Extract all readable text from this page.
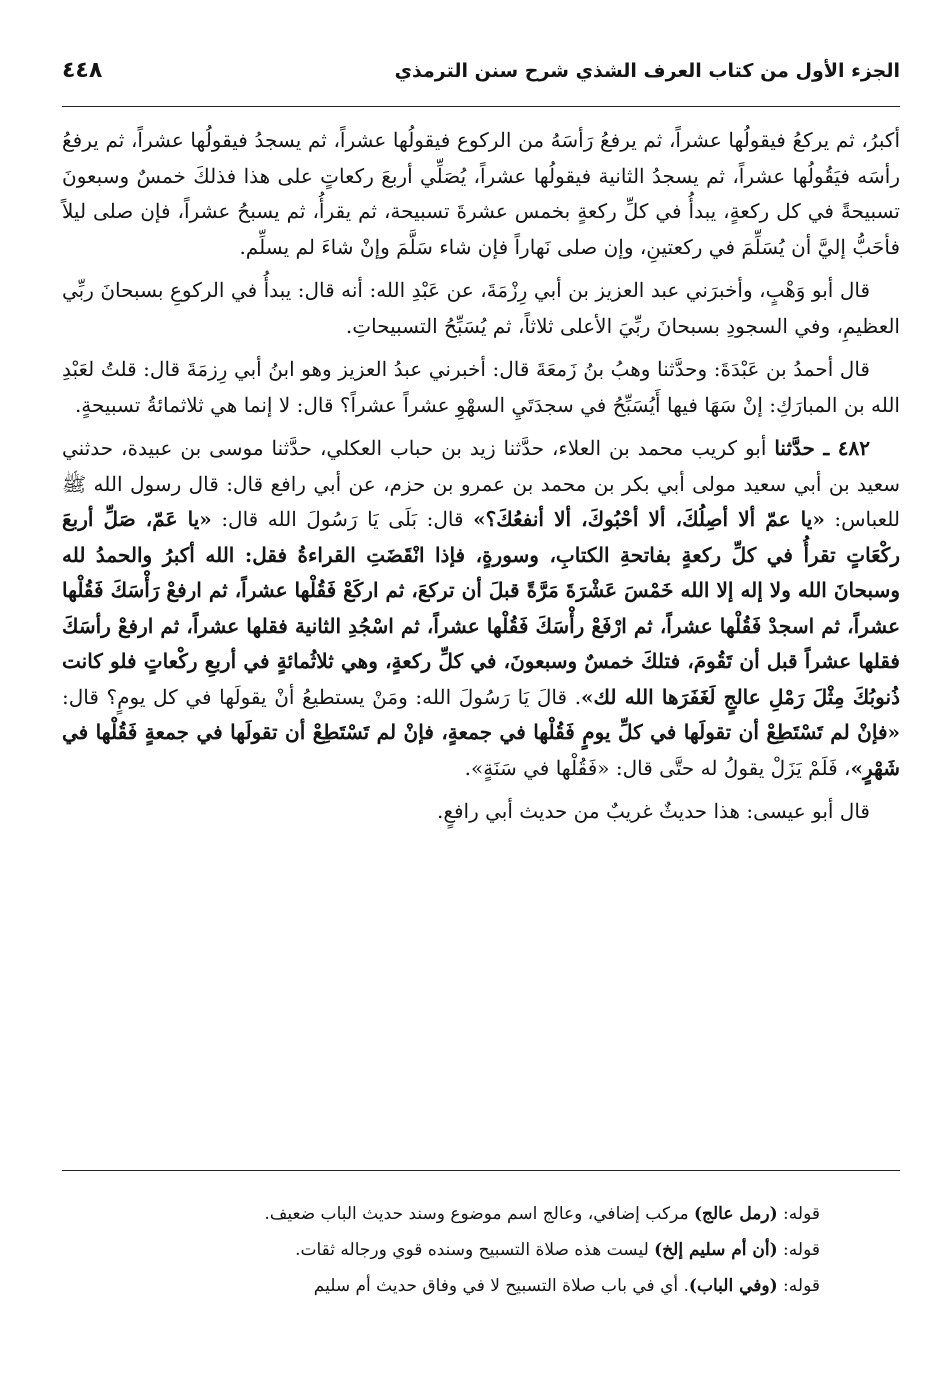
الجزء الأول من كتاب العرف الشذي شرح سنن الترمذي
٤٤٨

أكبرُ، ثم يركعُ فيقولُها عشراً، ثم يرفعُ رَأسَهُ من الركوع فيقولُها عشراً، ثم يسجدُ فيقولُها عشراً، ثم يرفعُ رأسَه فيَقُولُها عشراً، ثم يسجدُ الثانية فيقولُها عشراً، يُصَلِّي أربعَ ركعاتٍ على هذا فذلكَ خمسٌ وسبعونَ تسبيحةً في كل ركعةٍ، يبدأُ في كلِّ ركعةٍ بخمس عشرةَ تسبيحة، ثم يقرأُ، ثم يسبحُ عشراً، فإن صلى ليلاً فأحَبُّ إليَّ أن يُسَلِّمَ في ركعتينِ، وإن صلى نَهاراً فإن شاء سَلَّمَ وإنْ شاءَ لم يسلِّم.

قال أبو وَهْبٍ، وأخبرَني عبد العزيز بن أبي رِزْمَةَ، عن عَبْدِ الله: أنه قال: يبدأُ في الركوعِ بسبحانَ ربِّي العظيمِ، وفي السجودِ بسبحانَ ربِّيَ الأعلى ثلاثاً، ثم يُسَبِّحُ التسبيحاتِ.

قال أحمدُ بن عَبْدَةَ: وحدَّثنا وهبُ بنُ زَمعَةَ قال: أخبرني عبدُ العزيز وهو ابنُ أبي رِزمَةَ قال: قلتُ لعَبْدِ الله بن المبارَكِ: إنْ سَهَا فيها أَيُسَبِّحُ في سجدَتَيِ السهْوِ عشراً عشراً؟ قال: لا إنما هي ثلاثمائةُ تسبيحةٍ.

٤٨٢ ـ حدَّثنا أبو كريب محمد بن العلاء، حدَّثنا زيد بن حباب العكلي، حدَّثنا موسى بن عبيدة، حدثني سعيد بن أبي سعيد مولى أبي بكر بن محمد بن عمرو بن حزم، عن أبي رافع قال: قال رسول الله ﷺ للعباس: «يا عمّ ألا أصِلُكَ، ألا أحْبُوكَ، ألا أنفعُكَ؟» قال: بَلَى يَا رَسُولَ الله قال: «يا عَمّ، صَلِّ أربعَ ركْعَاتٍ تقرأُ في كلِّ ركعةٍ بفاتحةِ الكتابِ، وسورةٍ، فإذا انْقَضَتِ القراءةُ فقل: الله أكبرُ والحمدُ لله وسبحانَ الله ولا إله إلا الله خَمْسَ عَشْرَةَ مَرَّةً قبلَ أن تركعَ، ثم اركَعْ فَقُلْها عشراً، ثم ارفعْ رَأْسَكَ فَقُلْها عشراً، ثم اسجدْ فَقُلْها عشراً، ثم ارْفَعْ رأْسَكَ فَقُلْها عشراً، ثم اسْجُدِ الثانية فقلها عشراً، ثم ارفعْ رأسَكَ فقلها عشراً قبل أن تَقُومَ، فتلكَ خمسٌ وسبعونَ، في كلِّ ركعةٍ، وهي ثلاثُمائةٍ في أربعِ ركْعاتٍ فلو كانت ذُنوبُكَ مِثْلَ رَمْلِ عالجٍ لَغَفَرَها الله لك». قالَ يَا رَسُولَ الله: ومَنْ يستطيعُ أنْ يقولَها في كل يومٍ؟ قال: «فإنْ لم تَسْتَطِعْ أن تقولَها في كلِّ يومٍ فَقُلْها في جمعةٍ، فإنْ لم تَسْتَطِعْ أن تقولَها في جمعةٍ فَقُلْها في شَهْرٍ»، فَلَمْ يَزَلْ يقولُ له حتَّى قال: «فَقُلْها في سَنَةٍ».

قال أبو عيسى: هذا حديثٌ غريبٌ من حديث أبي رافعٍ.

قوله: (رمل عالج) مركب إضافي، وعالج اسم موضوع وسند حديث الباب ضعيف.

قوله: (أن أم سليم إلخ) ليست هذه صلاة التسبيح وسنده قوي ورجاله ثقات.

قوله: (وفي الباب). أي في باب صلاة التسبيح لا في وفاق حديث أم سليم
